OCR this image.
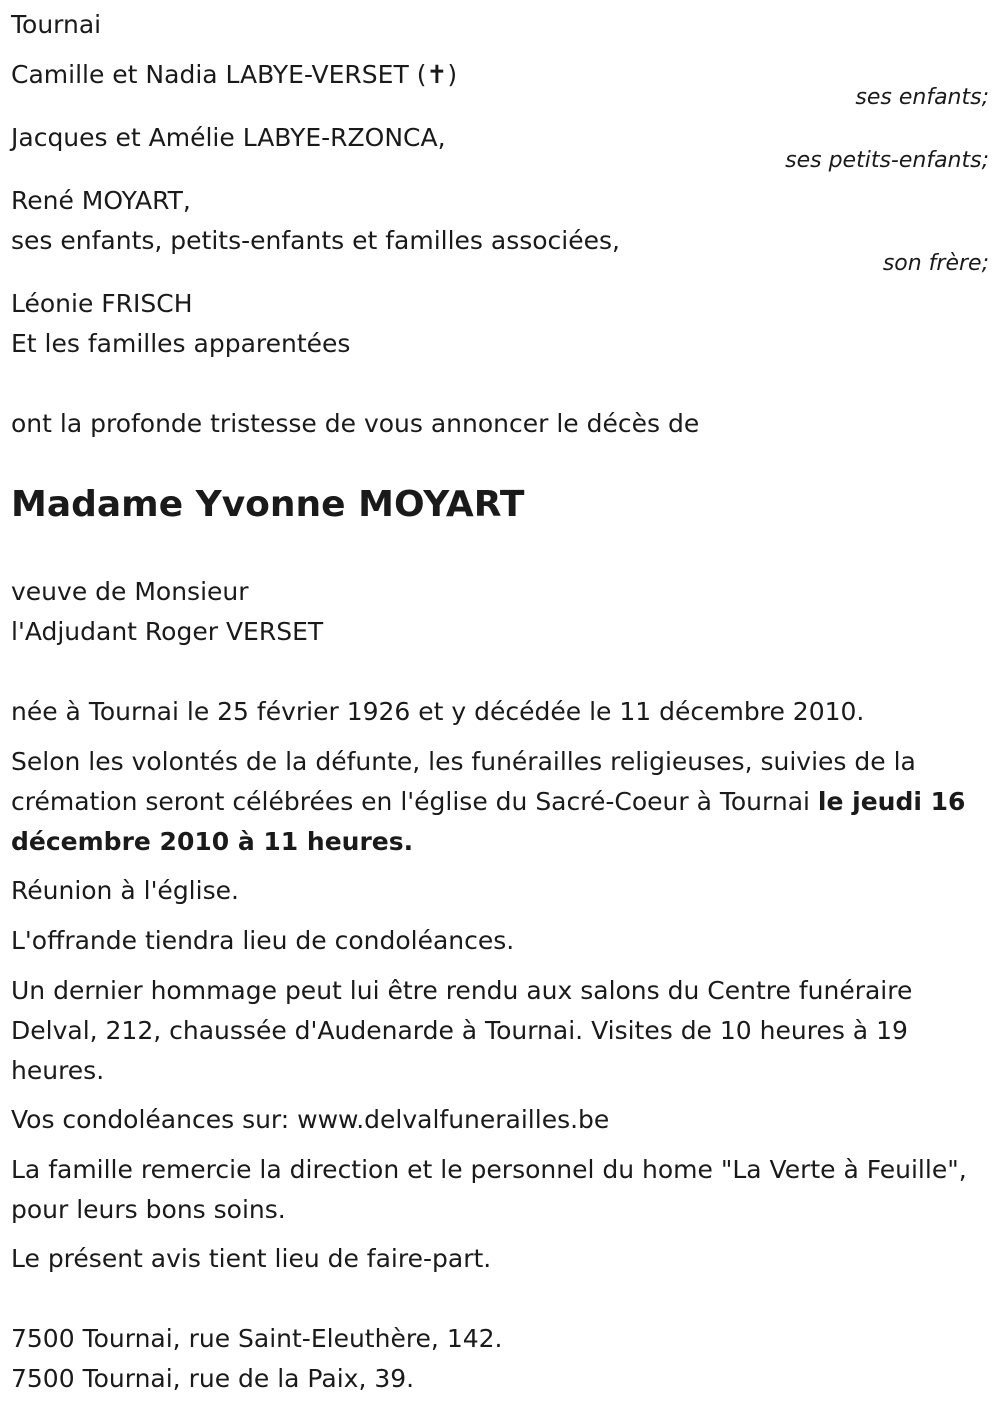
Tournai
Camille et Nadia LABYE-VERSET (✝)
ses enfants;
Jacques et Amélie LABYE-RZONCA,
ses petits-enfants;
René MOYART,
ses enfants, petits-enfants et familles associées,
son frère;
Léonie FRISCH
Et les familles apparentées
ont la profonde tristesse de vous annoncer le décès de
Madame Yvonne MOYART
veuve de Monsieur
l'Adjudant Roger VERSET
née à Tournai le 25 février 1926 et y décédée le 11 décembre 2010.
Selon les volontés de la défunte, les funérailles religieuses, suivies de la crémation seront célébrées en l'église du Sacré-Coeur à Tournai le jeudi 16 décembre 2010 à 11 heures.
Réunion à l'église.
L'offrande tiendra lieu de condoléances.
Un dernier hommage peut lui être rendu aux salons du Centre funéraire Delval, 212, chaussée d'Audenarde à Tournai. Visites de 10 heures à 19 heures.
Vos condoléances sur: www.delvalfunerailles.be
La famille remercie la direction et le personnel du home "La Verte à Feuille", pour leurs bons soins.
Le présent avis tient lieu de faire-part.
7500 Tournai, rue Saint-Eleuthère, 142.
7500 Tournai, rue de la Paix, 39.
